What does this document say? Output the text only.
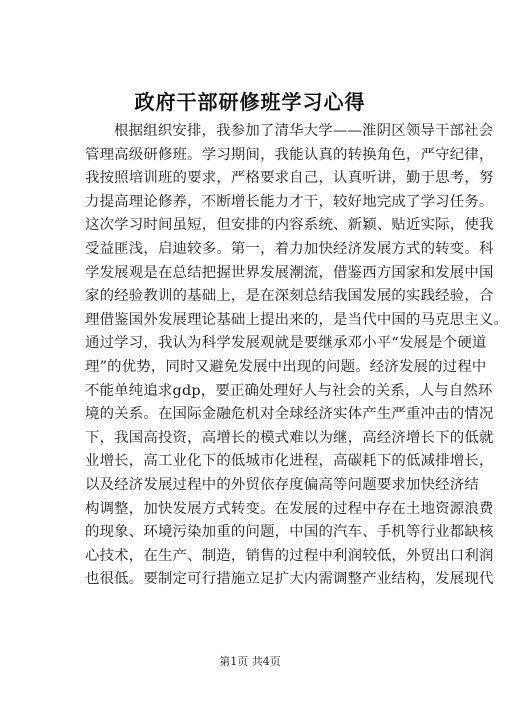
政府干部研修班学习心得
根据组织安排，我参加了清华大学——淮阴区领导干部社会
管理高级研修班。学习期间，我能认真的转换角色，严守纪律，
我按照培训班的要求，严格要求自己，认真听讲，勤于思考，努
力提高理论修养，不断增长能力才干，较好地完成了学习任务。
这次学习时间虽短，但安排的内容系统、新颖、贴近实际，使我
受益匪浅，启迪较多。第一，着力加快经济发展方式的转变。科
学发展观是在总结把握世界发展潮流，借鉴西方国家和发展中国
家的经验教训的基础上，是在深刻总结我国发展的实践经验，合
理借鉴国外发展理论基础上提出来的，是当代中国的马克思主义。
通过学习，我认为科学发展观就是要继承邓小平“发展是个硬道
理”的优势，同时又避免发展中出现的问题。经济发展的过程中
不能单纯追求gdp，要正确处理好人与社会的关系，人与自然环
境的关系。在国际金融危机对全球经济实体产生严重冲击的情况
下，我国高投资，高增长的模式难以为继，高经济增长下的低就
业增长，高工业化下的低城市化进程，高碳耗下的低减排增长，
以及经济发展过程中的外贸依存度偏高等问题要求加快经济结
构调整，加快发展方式转变。在发展的过程中存在土地资源浪费
的现象、环境污染加重的问题，中国的汽车、手机等行业都缺核
心技术，在生产、制造，销售的过程中利润较低，外贸出口利润
也很低。要制定可行措施立足扩大内需调整产业结构，发展现代
第1页 共4页
